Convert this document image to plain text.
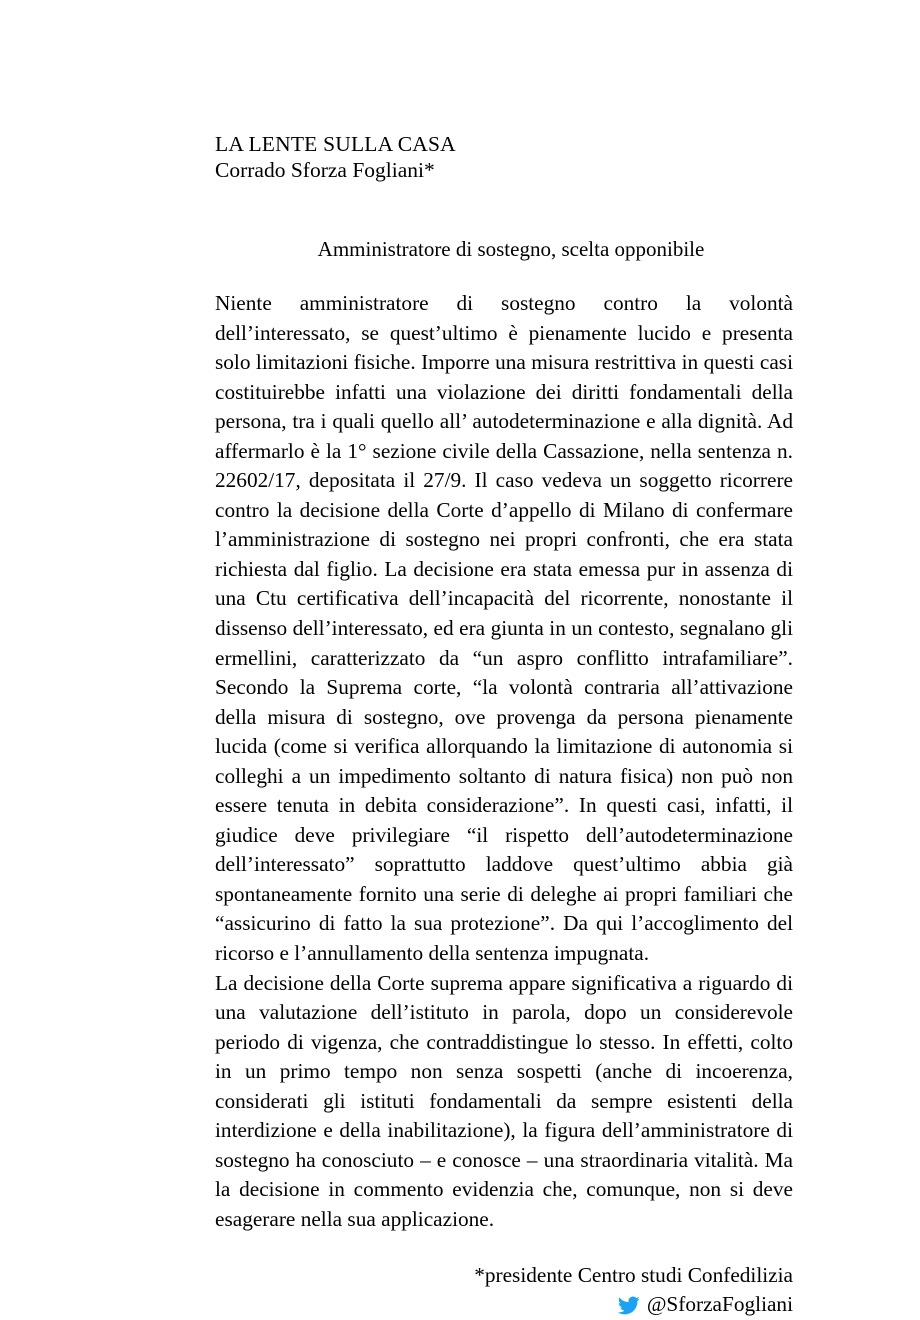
LA LENTE SULLA CASA
Corrado Sforza Fogliani*
Amministratore di sostegno, scelta opponibile

Niente amministratore di sostegno contro la volontà dell’interessato, se quest’ultimo è pienamente lucido e presenta solo limitazioni fisiche. Imporre una misura restrittiva in questi casi costituirebbe infatti una violazione dei diritti fondamentali della persona, tra i quali quello all’ autodeterminazione e alla dignità. Ad affermarlo è la 1° sezione civile della Cassazione, nella sentenza n. 22602/17, depositata il 27/9. Il caso vedeva un soggetto ricorrere contro la decisione della Corte d’appello di Milano di confermare l’amministrazione di sostegno nei propri confronti, che era stata richiesta dal figlio. La decisione era stata emessa pur in assenza di una Ctu certificativa dell’incapacità del ricorrente, nonostante il dissenso dell’interessato, ed era giunta in un contesto, segnalano gli ermellini, caratterizzato da “un aspro conflitto intrafamiliare”. Secondo la Suprema corte, “la volontà contraria all’attivazione della misura di sostegno, ove provenga da persona pienamente lucida (come si verifica allorquando la limitazione di autonomia si colleghi a un impedimento soltanto di natura fisica) non può non essere tenuta in debita considerazione”. In questi casi, infatti, il giudice deve privilegiare “il rispetto dell’autodeterminazione dell’interessato” soprattutto laddove quest’ultimo abbia già spontaneamente fornito una serie di deleghe ai propri familiari che “assicurino di fatto la sua protezione”. Da qui l’accoglimento del ricorso e l’annullamento della sentenza impugnata.

La decisione della Corte suprema appare significativa a riguardo di una valutazione dell’istituto in parola, dopo un considerevole periodo di vigenza, che contraddistingue lo stesso. In effetti, colto in un primo tempo non senza sospetti (anche di incoerenza, considerati gli istituti fondamentali da sempre esistenti della interdizione e della inabilitazione), la figura dell’amministratore di sostegno ha conosciuto – e conosce – una straordinaria vitalità. Ma la decisione in commento evidenzia che, comunque, non si deve esagerare nella sua applicazione.

*presidente Centro studi Confedilizia
@SforzaFogliani
